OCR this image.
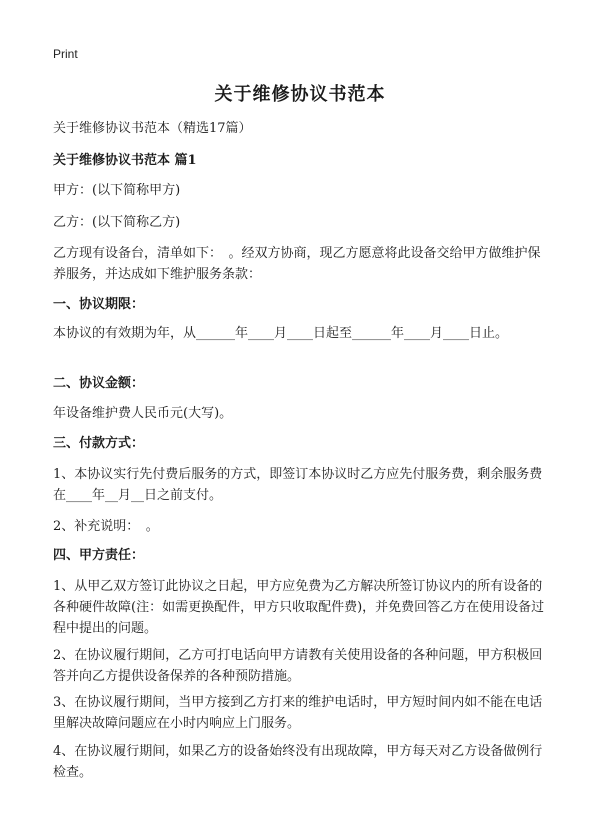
Print
关于维修协议书范本
关于维修协议书范本（精选17篇）
关于维修协议书范本 篇1
甲方：(以下简称甲方)
乙方：(以下简称乙方)
乙方现有设备台，清单如下：　。经双方协商，现乙方愿意将此设备交给甲方做维护保养服务，并达成如下维护服务条款：
一、协议期限：
本协议的有效期为年，从______年____月____日起至______年____月____日止。
二、协议金额：
年设备维护费人民币元(大写)。
三、付款方式：
1、本协议实行先付费后服务的方式，即签订本协议时乙方应先付服务费，剩余服务费在____年__月__日之前支付。
2、补充说明：　。
四、甲方责任：
1、从甲乙双方签订此协议之日起，甲方应免费为乙方解决所签订协议内的所有设备的各种硬件故障(注：如需更换配件，甲方只收取配件费)，并免费回答乙方在使用设备过程中提出的问题。
2、在协议履行期间，乙方可打电话向甲方请教有关使用设备的各种问题，甲方积极回答并向乙方提供设备保养的各种预防措施。
3、在协议履行期间，当甲方接到乙方打来的维护电话时，甲方短时间内如不能在电话里解决故障问题应在小时内响应上门服务。
4、在协议履行期间，如果乙方的设备始终没有出现故障，甲方每天对乙方设备做例行检查。
